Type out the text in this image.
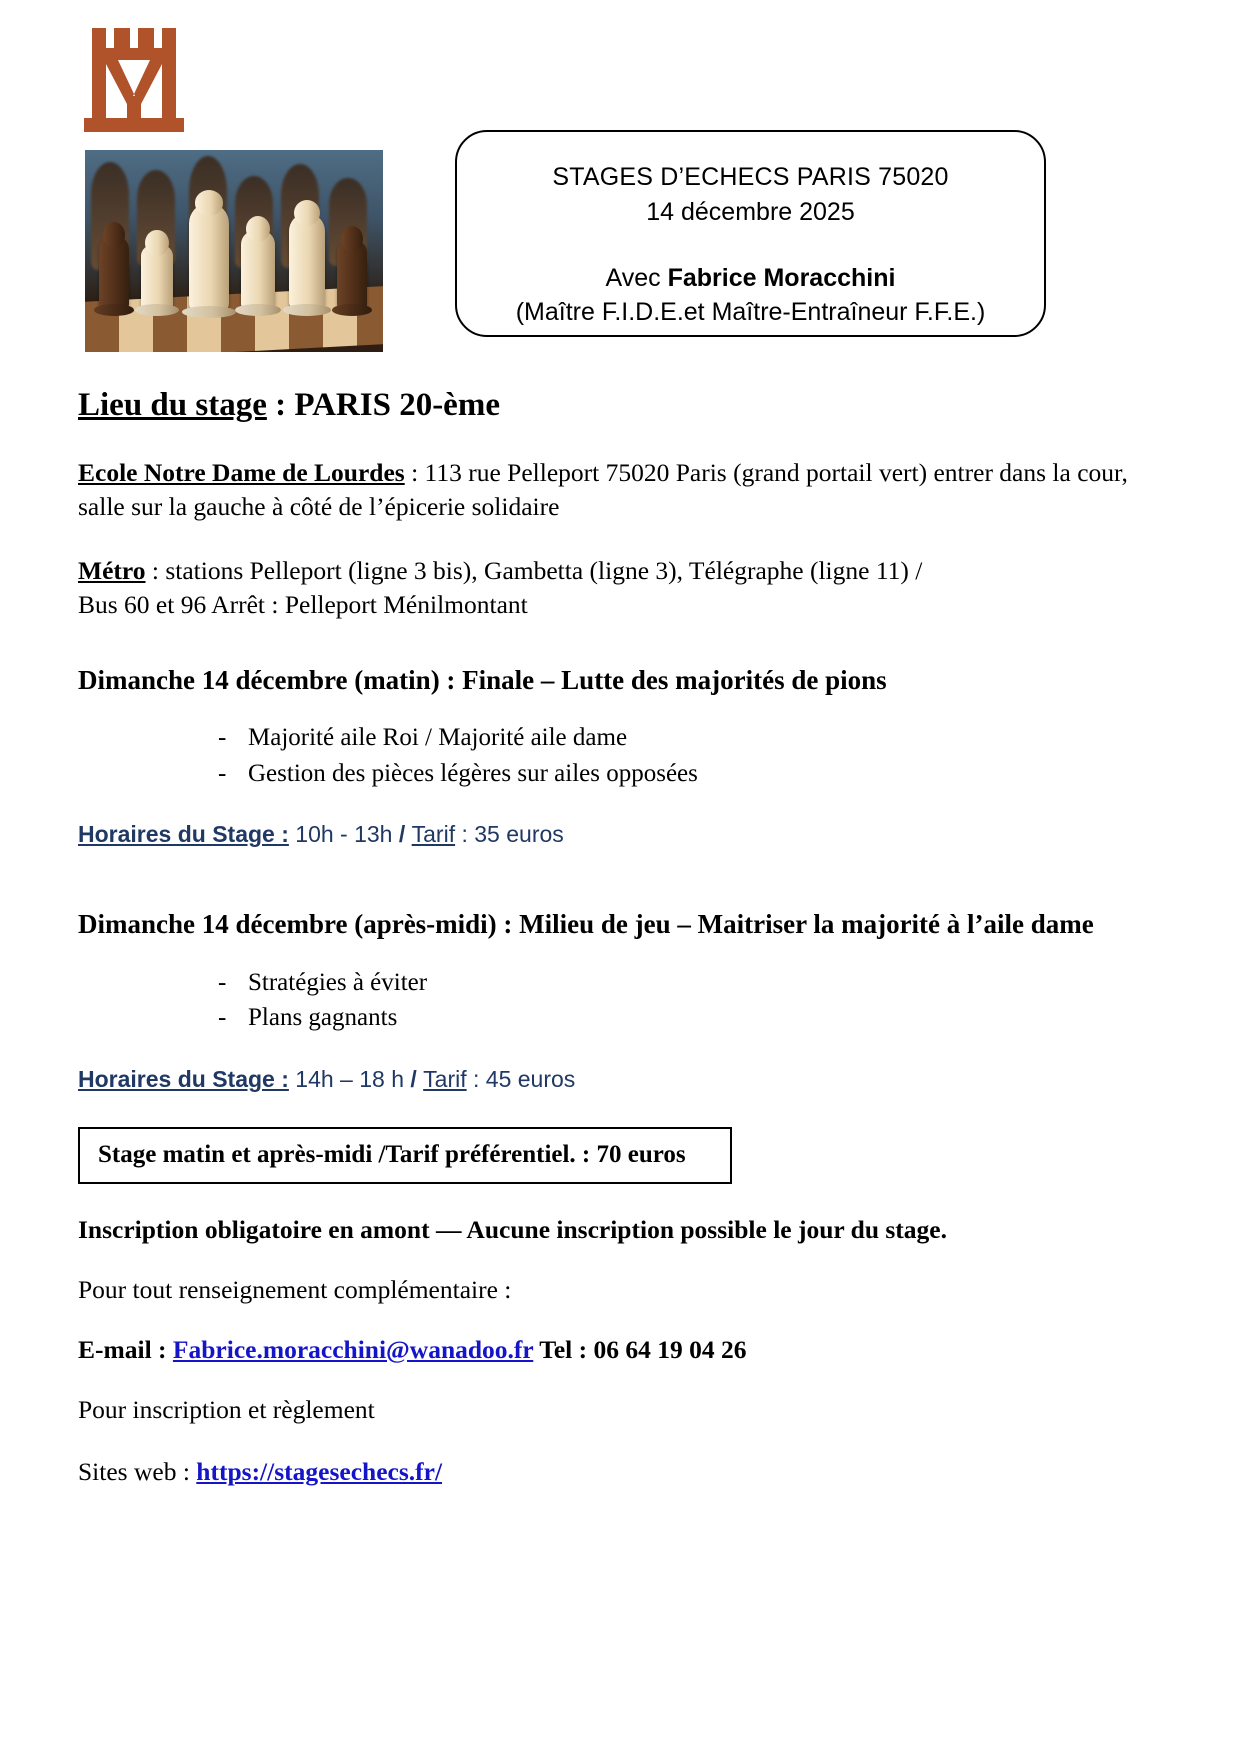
STAGES D’ECHECS PARIS 75020
14 décembre 2025
Avec Fabrice Moracchini
(Maître F.I.D.E.et Maître-Entraîneur F.F.E.)

Lieu du stage : PARIS 20-ème

Ecole Notre Dame de Lourdes : 113 rue Pelleport 75020 Paris (grand portail vert) entrer dans la cour, salle sur la gauche à côté de l’épicerie solidaire

Métro : stations Pelleport (ligne 3 bis), Gambetta (ligne 3), Télégraphe (ligne 11) /
Bus 60 et 96 Arrêt : Pelleport Ménilmontant

Dimanche 14 décembre (matin) : Finale – Lutte des majorités de pions

- Majorité aile Roi / Majorité aile dame
- Gestion des pièces légères sur ailes opposées

Horaires du Stage : 10h - 13h / Tarif : 35 euros

Dimanche 14 décembre (après-midi) : Milieu de jeu – Maitriser la majorité à l’aile dame

- Stratégies à éviter
- Plans gagnants

Horaires du Stage : 14h – 18 h / Tarif : 45 euros

Stage matin et après-midi /Tarif préférentiel. : 70 euros

Inscription obligatoire en amont — Aucune inscription possible le jour du stage.

Pour tout renseignement complémentaire :

E-mail : Fabrice.moracchini@wanadoo.fr Tel : 06 64 19 04 26

Pour inscription et règlement

Sites web : https://stagesechecs.fr/
